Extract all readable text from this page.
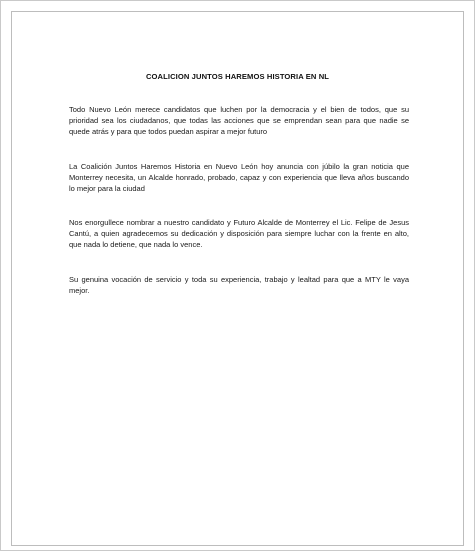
COALICION JUNTOS HAREMOS HISTORIA EN NL

Todo Nuevo León merece candidatos que luchen por la democracia y el bien de todos, que su prioridad sea los ciudadanos, que todas las acciones que se emprendan sean para que nadie se quede atrás y para que todos puedan aspirar a mejor futuro

La Coalición Juntos Haremos Historia en Nuevo León hoy anuncia con júbilo la gran noticia que Monterrey necesita, un Alcalde honrado, probado, capaz y con experiencia que lleva años buscando lo mejor para la ciudad

Nos enorgullece nombrar a nuestro candidato y Futuro Alcalde de Monterrey el Lic. Felipe de Jesus Cantú, a quien agradecemos su dedicación y disposición para siempre luchar con la frente en alto, que nada lo detiene, que nada lo vence.

Su genuina vocación de servicio y toda su experiencia, trabajo y lealtad para que a MTY le vaya mejor.
